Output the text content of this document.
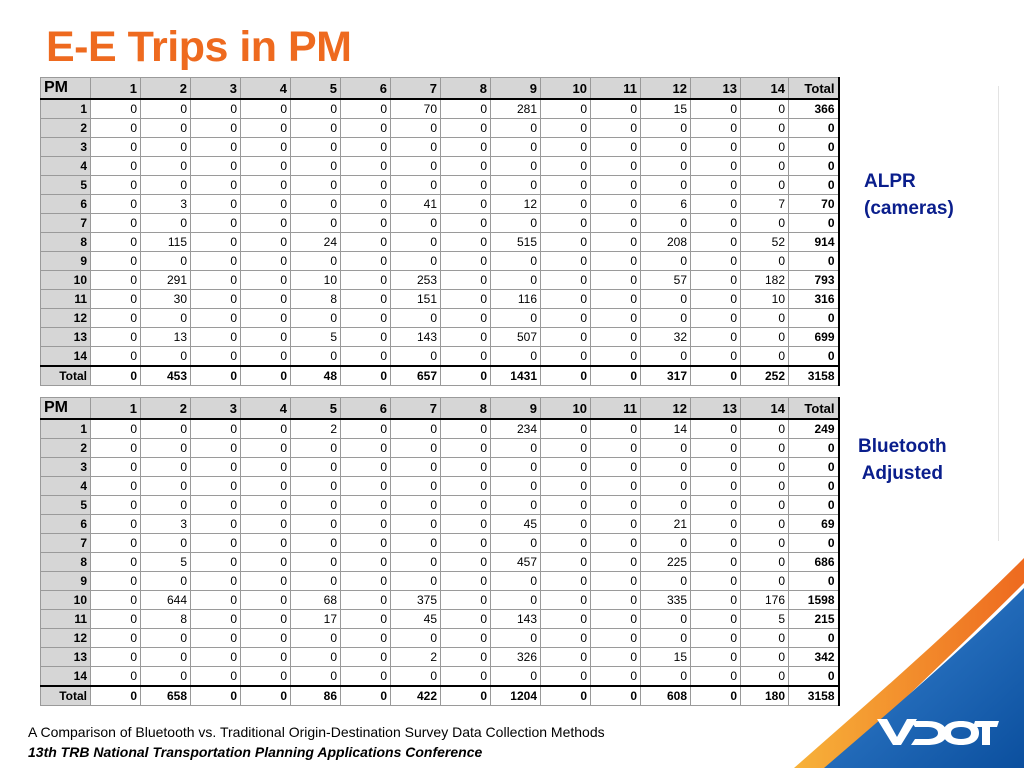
E-E Trips in PM
PM	1	2	3	4	5	6	7	8	9	10	11	12	13	14	Total
1	0	0	0	0	0	0	70	0	281	0	0	15	0	0	366
2	0	0	0	0	0	0	0	0	0	0	0	0	0	0	0
3	0	0	0	0	0	0	0	0	0	0	0	0	0	0	0
4	0	0	0	0	0	0	0	0	0	0	0	0	0	0	0
5	0	0	0	0	0	0	0	0	0	0	0	0	0	0	0
6	0	3	0	0	0	0	41	0	12	0	0	6	0	7	70
7	0	0	0	0	0	0	0	0	0	0	0	0	0	0	0
8	0	115	0	0	24	0	0	0	515	0	0	208	0	52	914
9	0	0	0	0	0	0	0	0	0	0	0	0	0	0	0
10	0	291	0	0	10	0	253	0	0	0	0	57	0	182	793
11	0	30	0	0	8	0	151	0	116	0	0	0	0	10	316
12	0	0	0	0	0	0	0	0	0	0	0	0	0	0	0
13	0	13	0	0	5	0	143	0	507	0	0	32	0	0	699
14	0	0	0	0	0	0	0	0	0	0	0	0	0	0	0
Total	0	453	0	0	48	0	657	0	1431	0	0	317	0	252	3158
PM	1	2	3	4	5	6	7	8	9	10	11	12	13	14	Total
1	0	0	0	0	2	0	0	0	234	0	0	14	0	0	249
2	0	0	0	0	0	0	0	0	0	0	0	0	0	0	0
3	0	0	0	0	0	0	0	0	0	0	0	0	0	0	0
4	0	0	0	0	0	0	0	0	0	0	0	0	0	0	0
5	0	0	0	0	0	0	0	0	0	0	0	0	0	0	0
6	0	3	0	0	0	0	0	0	45	0	0	21	0	0	69
7	0	0	0	0	0	0	0	0	0	0	0	0	0	0	0
8	0	5	0	0	0	0	0	0	457	0	0	225	0	0	686
9	0	0	0	0	0	0	0	0	0	0	0	0	0	0	0
10	0	644	0	0	68	0	375	0	0	0	0	335	0	176	1598
11	0	8	0	0	17	0	45	0	143	0	0	0	0	5	215
12	0	0	0	0	0	0	0	0	0	0	0	0	0	0	0
13	0	0	0	0	0	0	2	0	326	0	0	15	0	0	342
14	0	0	0	0	0	0	0	0	0	0	0	0	0	0	0
Total	0	658	0	0	86	0	422	0	1204	0	0	608	0	180	3158
ALPR
(cameras)
Bluetooth
Adjusted
A Comparison of Bluetooth vs. Traditional Origin-Destination Survey Data Collection Methods
13th TRB National Transportation Planning Applications Conference
